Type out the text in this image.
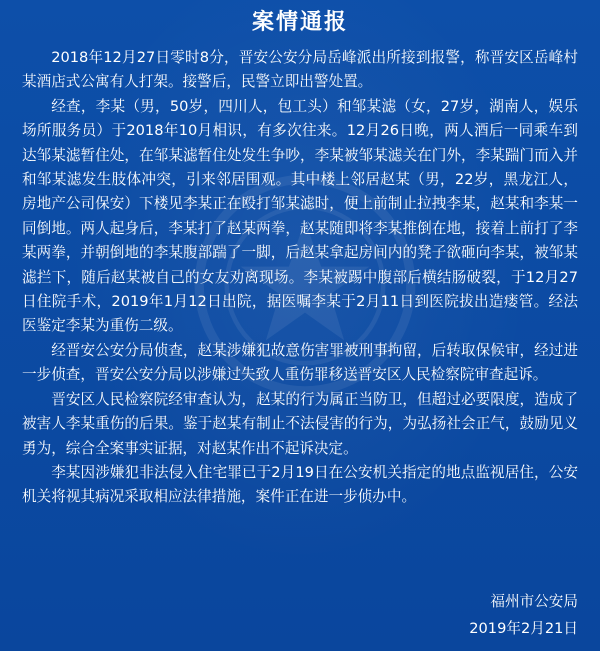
案情通报

2018年12月27日零时8分，晋安公安分局岳峰派出所接到报警，称晋安区岳峰村某酒店式公寓有人打架。接警后，民警立即出警处置。

经查，李某（男，50岁，四川人，包工头）和邹某滤（女，27岁，湖南人，娱乐场所服务员）于2018年10月相识，有多次往来。12月26日晚，两人酒后一同乘车到达邹某滤暂住处，在邹某滤暂住处发生争吵，李某被邹某滤关在门外，李某踹门而入并和邹某滤发生肢体冲突，引来邻居围观。其中楼上邻居赵某（男，22岁，黑龙江人，房地产公司保安）下楼见李某正在殴打邹某滤时，便上前制止拉拽李某，赵某和李某一同倒地。两人起身后，李某打了赵某两拳，赵某随即将李某推倒在地，接着上前打了李某两拳，并朝倒地的李某腹部踹了一脚，后赵某拿起房间内的凳子欲砸向李某，被邹某滤拦下，随后赵某被自己的女友劝离现场。李某被踢中腹部后横结肠破裂，于12月27日住院手术，2019年1月12日出院，据医嘱李某于2月11日到医院拔出造瘘管。经法医鉴定李某为重伤二级。

经晋安公安分局侦查，赵某涉嫌犯故意伤害罪被刑事拘留，后转取保候审，经过进一步侦查，晋安公安分局以涉嫌过失致人重伤罪移送晋安区人民检察院审查起诉。

晋安区人民检察院经审查认为，赵某的行为属正当防卫，但超过必要限度，造成了被害人李某重伤的后果。鉴于赵某有制止不法侵害的行为，为弘扬社会正气，鼓励见义勇为，综合全案事实证据，对赵某作出不起诉决定。

李某因涉嫌犯非法侵入住宅罪已于2月19日在公安机关指定的地点监视居住，公安机关将视其病况采取相应法律措施，案件正在进一步侦办中。

福州市公安局
2019年2月21日
